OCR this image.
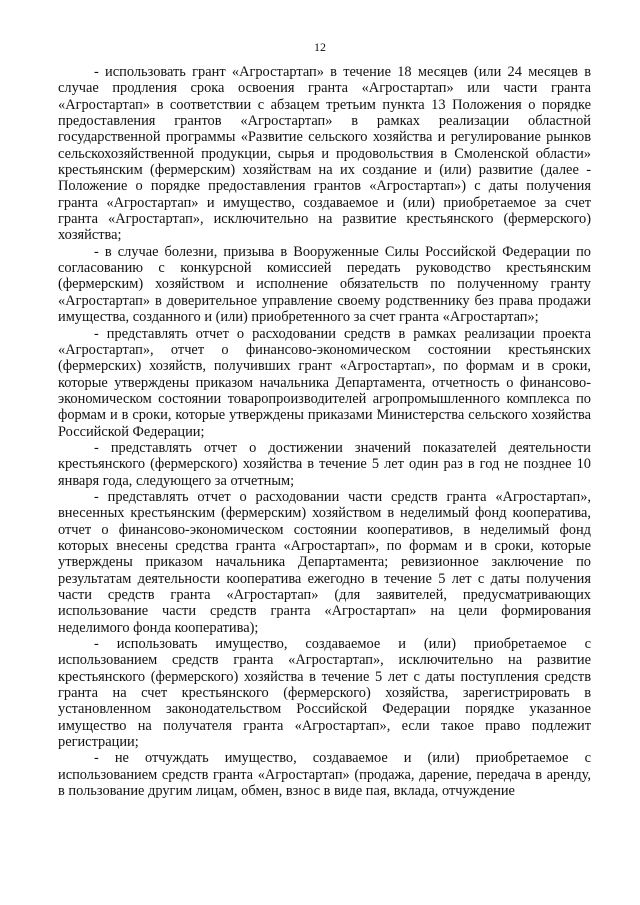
12

- использовать грант «Агростартап» в течение 18 месяцев (или 24 месяцев в случае продления срока освоения гранта «Агростартап» или части гранта «Агростартап» в соответствии с абзацем третьим пункта 13 Положения о порядке предоставления грантов «Агростартап» в рамках реализации областной государственной программы «Развитие сельского хозяйства и регулирование рынков сельскохозяйственной продукции, сырья и продовольствия в Смоленской области» крестьянским (фермерским) хозяйствам на их создание и (или) развитие (далее - Положение о порядке предоставления грантов «Агростартап») с даты получения гранта «Агростартап» и имущество, создаваемое и (или) приобретаемое за счет гранта «Агростартап», исключительно на развитие крестьянского (фермерского) хозяйства;

- в случае болезни, призыва в Вооруженные Силы Российской Федерации по согласованию с конкурсной комиссией передать руководство крестьянским (фермерским) хозяйством и исполнение обязательств по полученному гранту «Агростартап» в доверительное управление своему родственнику без права продажи имущества, созданного и (или) приобретенного за счет гранта «Агростартап»;

- представлять отчет о расходовании средств в рамках реализации проекта «Агростартап», отчет о финансово-экономическом состоянии крестьянских (фермерских) хозяйств, получивших грант «Агростартап», по формам и в сроки, которые утверждены приказом начальника Департамента, отчетность о финансово-экономическом состоянии товаропроизводителей агропромышленного комплекса по формам и в сроки, которые утверждены приказами Министерства сельского хозяйства Российской Федерации;

- представлять отчет о достижении значений показателей деятельности крестьянского (фермерского) хозяйства в течение 5 лет один раз в год не позднее 10 января года, следующего за отчетным;

- представлять отчет о расходовании части средств гранта «Агростартап», внесенных крестьянским (фермерским) хозяйством в неделимый фонд кооператива, отчет о финансово-экономическом состоянии кооперативов, в неделимый фонд которых внесены средства гранта «Агростартап», по формам и в сроки, которые утверждены приказом начальника Департамента; ревизионное заключение по результатам деятельности кооператива ежегодно в течение 5 лет с даты получения части средств гранта «Агростартап» (для заявителей, предусматривающих использование части средств гранта «Агростартап» на цели формирования неделимого фонда кооператива);

- использовать имущество, создаваемое и (или) приобретаемое с использованием средств гранта «Агростартап», исключительно на развитие крестьянского (фермерского) хозяйства в течение 5 лет с даты поступления средств гранта на счет крестьянского (фермерского) хозяйства, зарегистрировать в установленном законодательством Российской Федерации порядке указанное имущество на получателя гранта «Агростартап», если такое право подлежит регистрации;

- не отчуждать имущество, создаваемое и (или) приобретаемое с использованием средств гранта «Агростартап» (продажа, дарение, передача в аренду, в пользование другим лицам, обмен, взнос в виде пая, вклада, отчуждение
